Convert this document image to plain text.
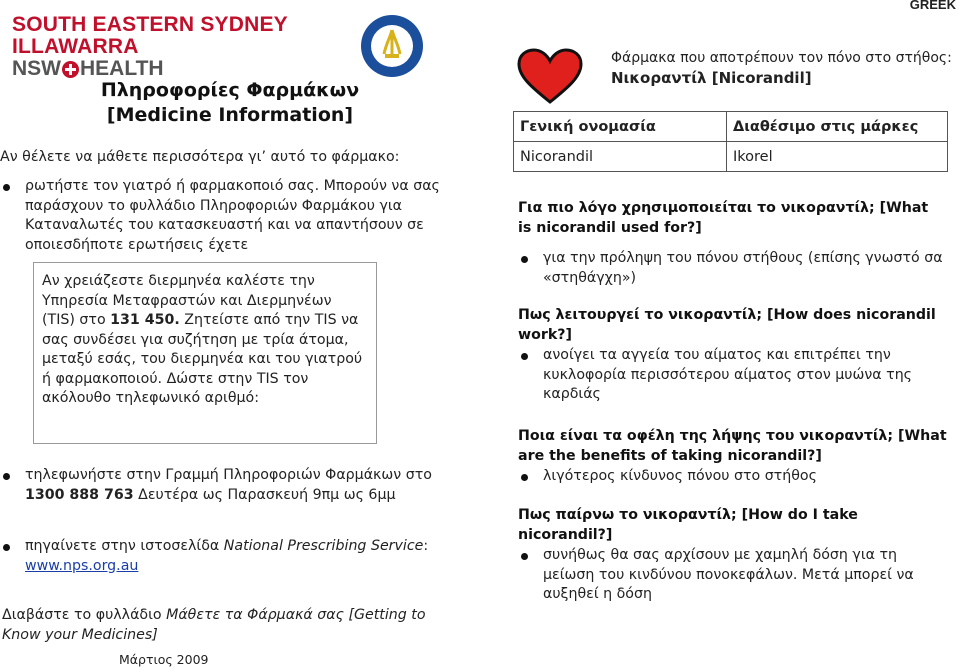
GREEK
SOUTH EASTERN SYDNEY
ILLAWARRA
NSW HEALTH
Πληροφορίες Φαρμάκων
[Medicine Information]
Αν θέλετε να μάθετε περισσότερα γι’ αυτό το φάρμακο:
ρωτήστε τον γιατρό ή φαρμακοποιό σας. Μπορούν να σας παράσχουν το φυλλάδιο Πληροφοριών Φαρμάκου για Καταναλωτές του κατασκευαστή και να απαντήσουν σε οποιεσδήποτε ερωτήσεις έχετε
Αν χρειάζεστε διερμηνέα καλέστε την Υπηρεσία Μεταφραστών και Διερμηνέων (TIS) στο 131 450. Ζητείστε από την TIS να σας συνδέσει για συζήτηση με τρία άτομα, μεταξύ εσάς, του διερμηνέα και του γιατρού ή φαρμακοποιού. Δώστε στην TIS τον ακόλουθο τηλεφωνικό αριθμό:
τηλεφωνήστε στην Γραμμή Πληροφοριών Φαρμάκων στο 1300 888 763 Δευτέρα ως Παρασκευή 9πμ ως 6μμ
πηγαίνετε στην ιστοσελίδα National Prescribing Service: www.nps.org.au
Διαβάστε το φυλλάδιο Μάθετε τα Φάρμακά σας [Getting to Know your Medicines]
Μάρτιος 2009
Φάρμακα που αποτρέπουν τον πόνο στο στήθος:
Νικοραντίλ [Nicorandil]
Γενική ονομασία	Διαθέσιμο στις μάρκες
Nicorandil	Ikorel
Για πιο λόγο χρησιμοποιείται το νικοραντίλ; [What is nicorandil used for?]
για την πρόληψη του πόνου στήθους (επίσης γνωστό σα «στηθάγχη»)
Πως λειτουργεί το νικοραντίλ; [How does nicorandil work?]
ανοίγει τα αγγεία του αίματος και επιτρέπει την κυκλοφορία περισσότερου αίματος στον μυώνα της καρδιάς
Ποια είναι τα οφέλη της λήψης του νικοραντίλ; [What are the benefits of taking nicorandil?]
λιγότερος κίνδυνος πόνου στο στήθος
Πως παίρνω το νικοραντίλ; [How do I take nicorandil?]
συνήθως θα σας αρχίσουν με χαμηλή δόση για τη μείωση του κινδύνου πονοκεφάλων. Μετά μπορεί να αυξηθεί η δόση
